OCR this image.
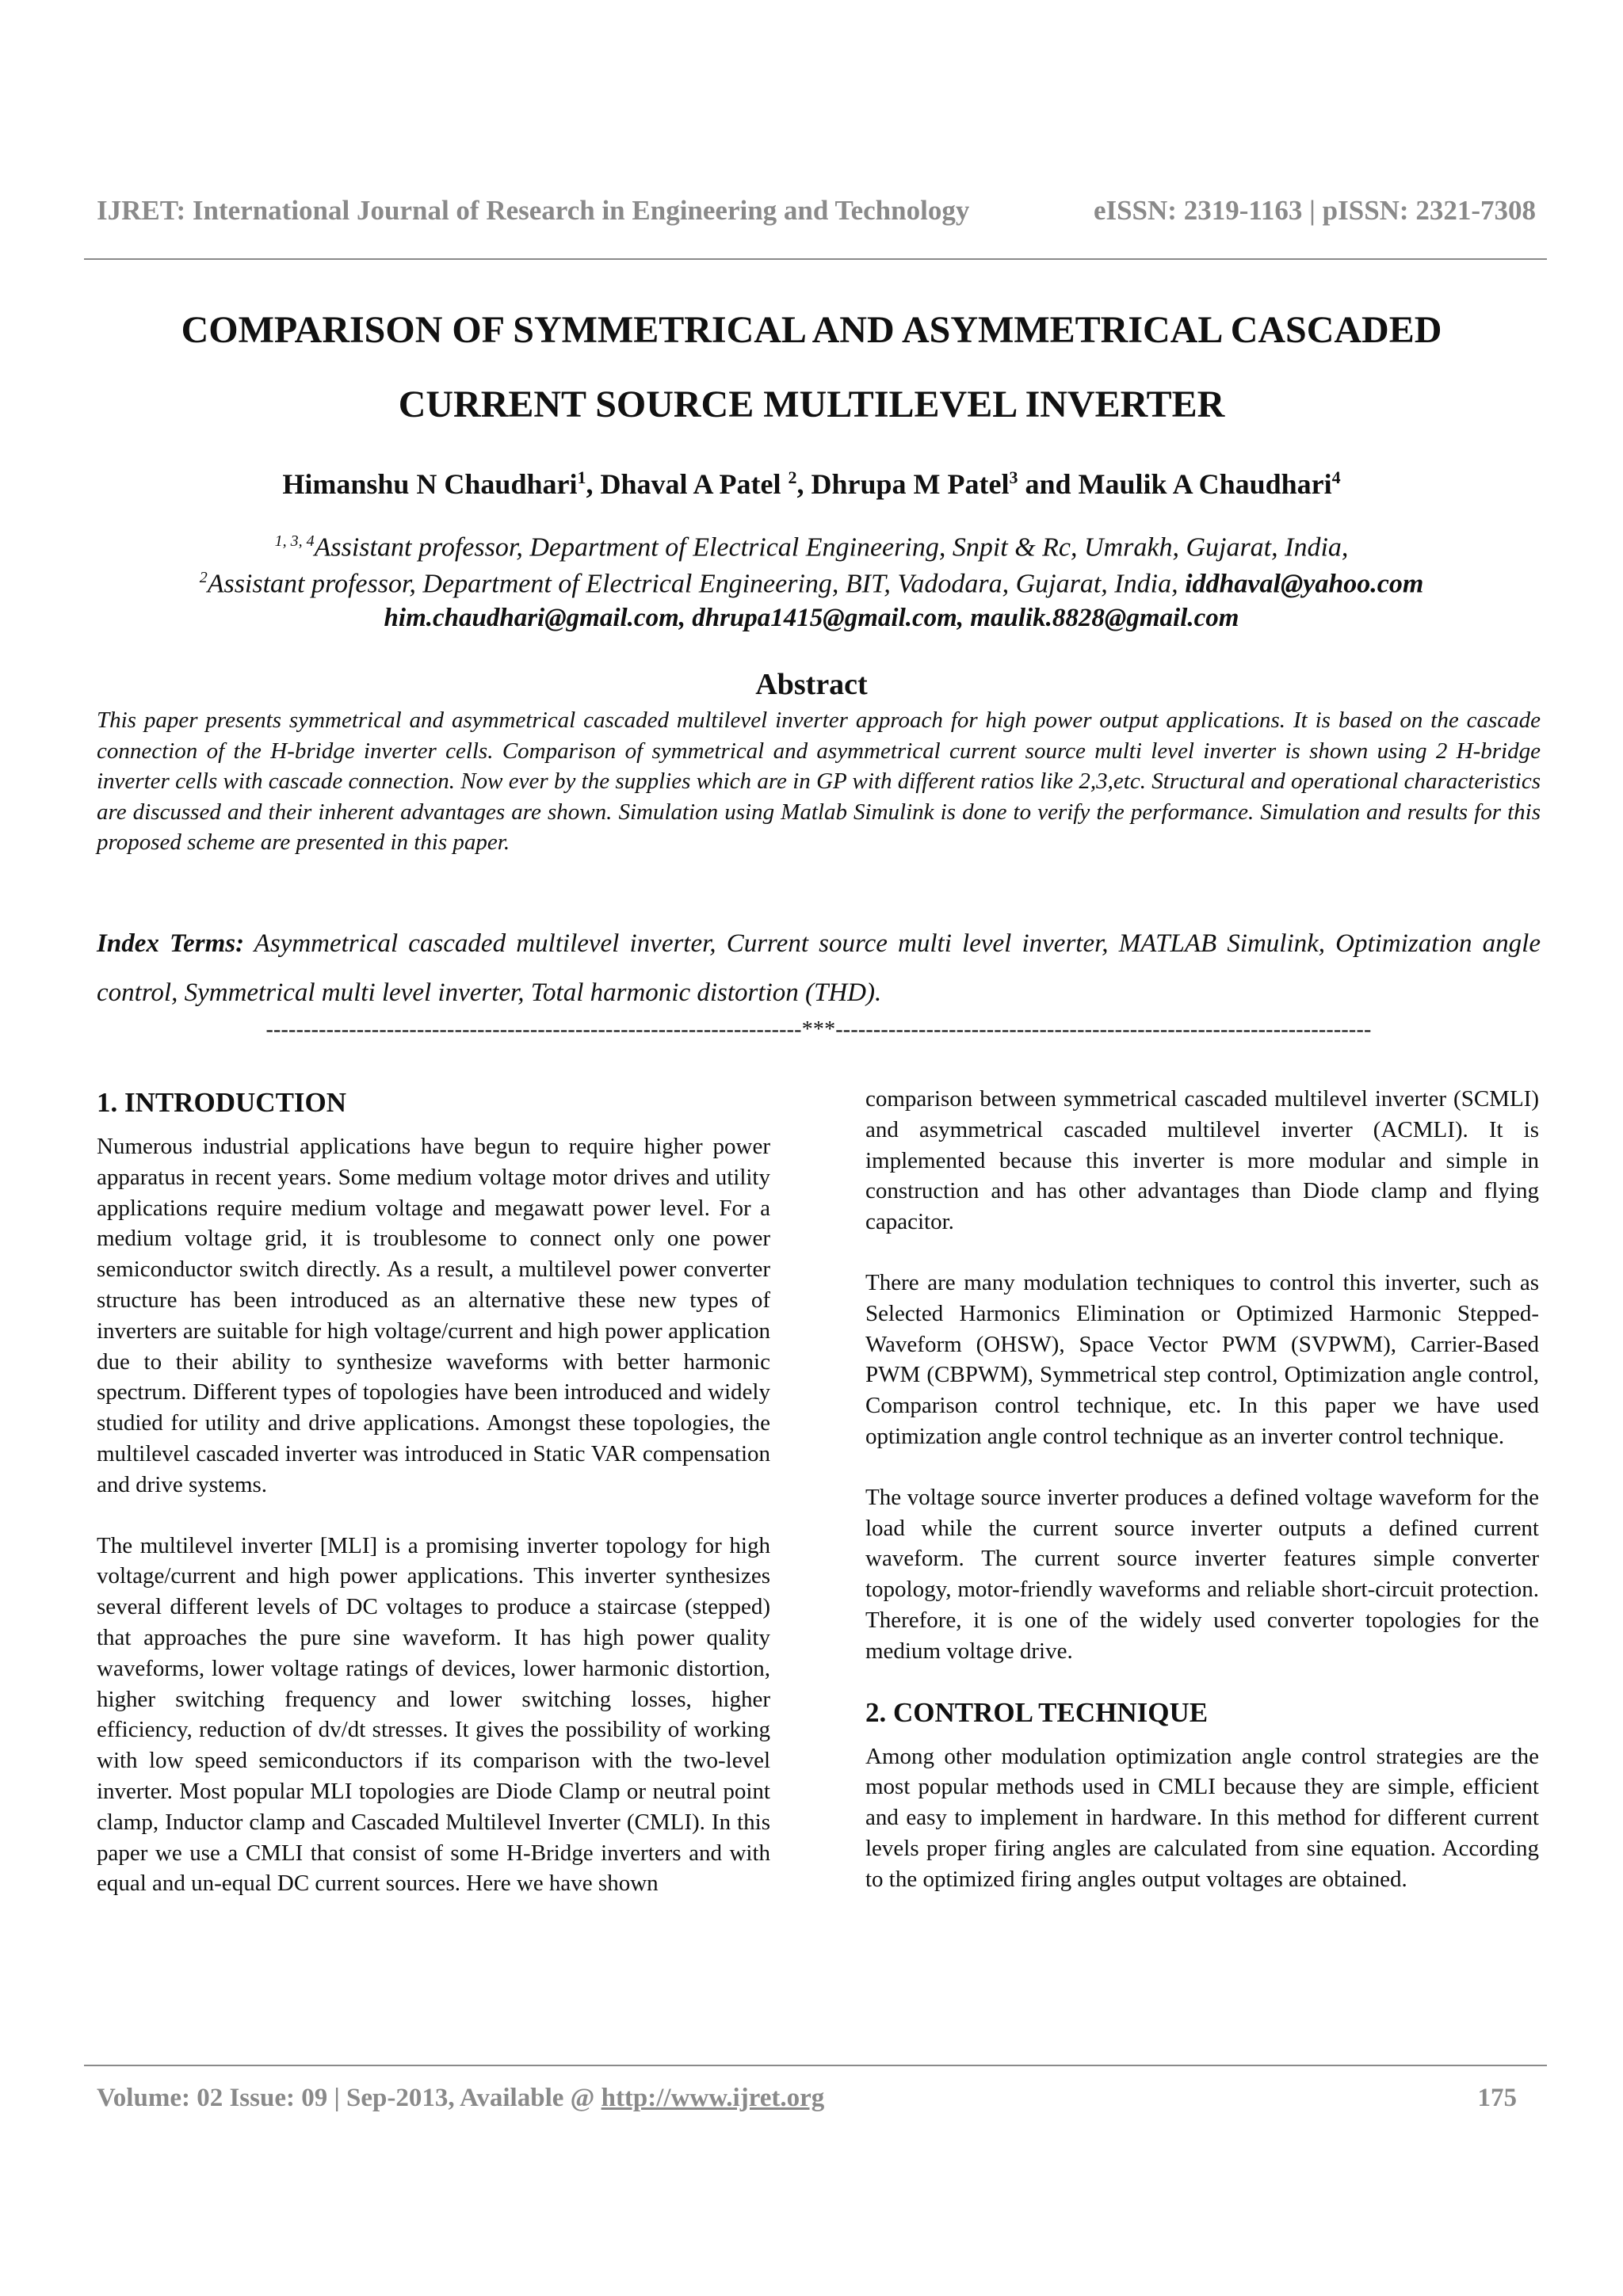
IJRET: International Journal of Research in Engineering and Technology	eISSN: 2319-1163 | pISSN: 2321-7308
COMPARISON OF SYMMETRICAL AND ASYMMETRICAL CASCADED
CURRENT SOURCE MULTILEVEL INVERTER
Himanshu N Chaudhari$^1$, Dhaval A Patel $^2$, Dhrupa M Patel$^3$ and Maulik A Chaudhari$^4$
$^{1, 3, 4}$Assistant professor, Department of Electrical Engineering, Snpit & Rc, Umrakh, Gujarat, India,
$^2$Assistant professor, Department of Electrical Engineering, BIT, Vadodara, Gujarat, India, iddhaval@yahoo.com
him.chaudhari@gmail.com, dhrupa1415@gmail.com, maulik.8828@gmail.com
Abstract
This paper presents symmetrical and asymmetrical cascaded multilevel inverter approach for high power output applications. It is based on the cascade connection of the H-bridge inverter cells. Comparison of symmetrical and asymmetrical current source multi level inverter is shown using 2 H-bridge inverter cells with cascade connection. Now ever by the supplies which are in GP with different ratios like 2,3,etc. Structural and operational characteristics are discussed and their inherent advantages are shown. Simulation using Matlab Simulink is done to verify the performance. Simulation and results for this proposed scheme are presented in this paper.
Index Terms: Asymmetrical cascaded multilevel inverter, Current source multi level inverter, MATLAB Simulink, Optimization angle control, Symmetrical multi level inverter, Total harmonic distortion (THD).
-----------------------------------------------------------------------***-----------------------------------------------------------------------
1. INTRODUCTION

Numerous industrial applications have begun to require higher power apparatus in recent years. Some medium voltage motor drives and utility applications require medium voltage and megawatt power level. For a medium voltage grid, it is troublesome to connect only one power semiconductor switch directly. As a result, a multilevel power converter structure has been introduced as an alternative these new types of inverters are suitable for high voltage/current and high power application due to their ability to synthesize waveforms with better harmonic spectrum. Different types of topologies have been introduced and widely studied for utility and drive applications. Amongst these topologies, the multilevel cascaded inverter was introduced in Static VAR compensation and drive systems.

The multilevel inverter [MLI] is a promising inverter topology for high voltage/current and high power applications. This inverter synthesizes several different levels of DC voltages to produce a staircase (stepped) that approaches the pure sine waveform. It has high power quality waveforms, lower voltage ratings of devices, lower harmonic distortion, higher switching frequency and lower switching losses, higher efficiency, reduction of dv/dt stresses. It gives the possibility of working with low speed semiconductors if its comparison with the two-level inverter. Most popular MLI topologies are Diode Clamp or neutral point clamp, Inductor clamp and Cascaded Multilevel Inverter (CMLI). In this paper we use a CMLI that consist of some H-Bridge inverters and with equal and un-equal DC current sources. Here we have shown

comparison between symmetrical cascaded multilevel inverter (SCMLI) and asymmetrical cascaded multilevel inverter (ACMLI). It is implemented because this inverter is more modular and simple in construction and has other advantages than Diode clamp and flying capacitor.

There are many modulation techniques to control this inverter, such as Selected Harmonics Elimination or Optimized Harmonic Stepped-Waveform (OHSW), Space Vector PWM (SVPWM), Carrier-Based PWM (CBPWM), Symmetrical step control, Optimization angle control, Comparison control technique, etc. In this paper we have used optimization angle control technique as an inverter control technique.

The voltage source inverter produces a defined voltage waveform for the load while the current source inverter outputs a defined current waveform. The current source inverter features simple converter topology, motor-friendly waveforms and reliable short-circuit protection. Therefore, it is one of the widely used converter topologies for the medium voltage drive.

2. CONTROL TECHNIQUE

Among other modulation optimization angle control strategies are the most popular methods used in CMLI because they are simple, efficient and easy to implement in hardware. In this method for different current levels proper firing angles are calculated from sine equation. According to the optimized firing angles output voltages are obtained.

Volume: 02 Issue: 09 | Sep-2013, Available @ http://www.ijret.org	175
